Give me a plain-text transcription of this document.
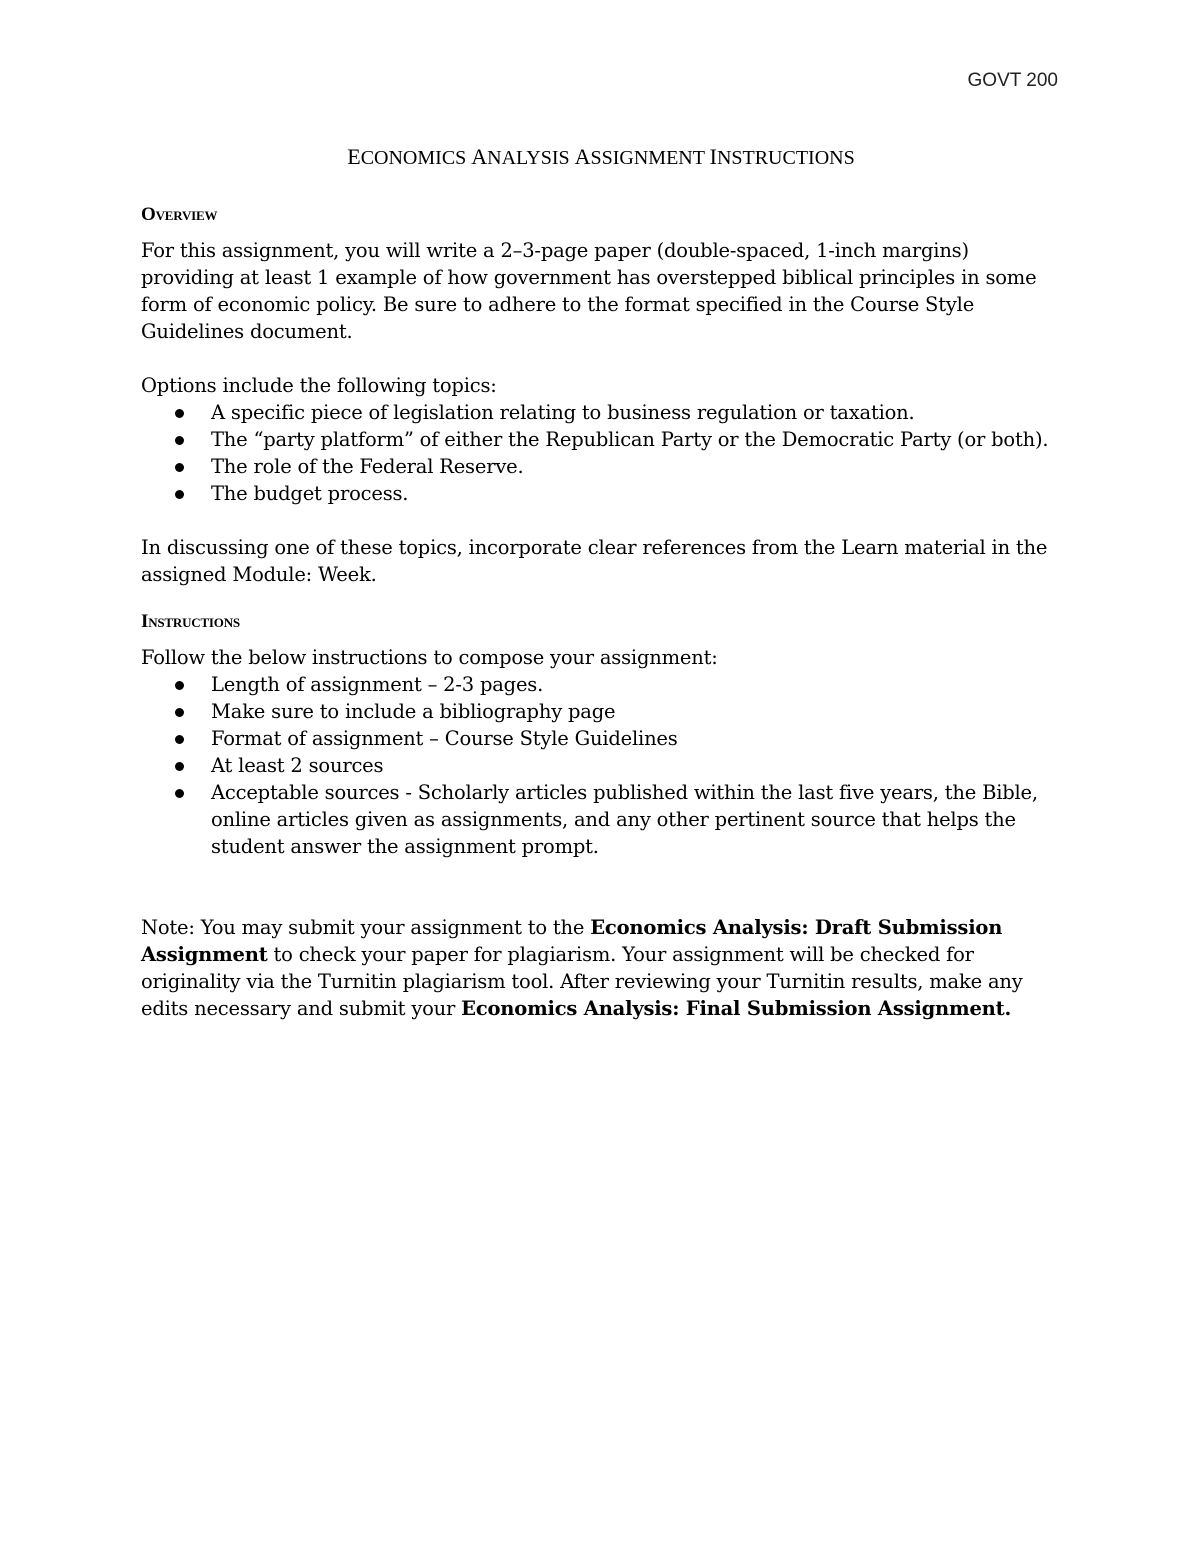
GOVT 200
ECONOMICS ANALYSIS ASSIGNMENT INSTRUCTIONS
Overview

For this assignment, you will write a 2–3-page paper (double-spaced, 1-inch margins) providing at least 1 example of how government has overstepped biblical principles in some form of economic policy. Be sure to adhere to the format specified in the Course Style Guidelines document.

Options include the following topics:

A specific piece of legislation relating to business regulation or taxation.
The “party platform” of either the Republican Party or the Democratic Party (or both).
The role of the Federal Reserve.
The budget process.

In discussing one of these topics, incorporate clear references from the Learn material in the assigned Module: Week.

Instructions

Follow the below instructions to compose your assignment:

Length of assignment – 2-3 pages.
Make sure to include a bibliography page
Format of assignment – Course Style Guidelines
At least 2 sources
Acceptable sources - Scholarly articles published within the last five years, the Bible, online articles given as assignments, and any other pertinent source that helps the student answer the assignment prompt.

Note: You may submit your assignment to the Economics Analysis: Draft Submission Assignment to check your paper for plagiarism. Your assignment will be checked for originality via the Turnitin plagiarism tool. After reviewing your Turnitin results, make any edits necessary and submit your Economics Analysis: Final Submission Assignment.
